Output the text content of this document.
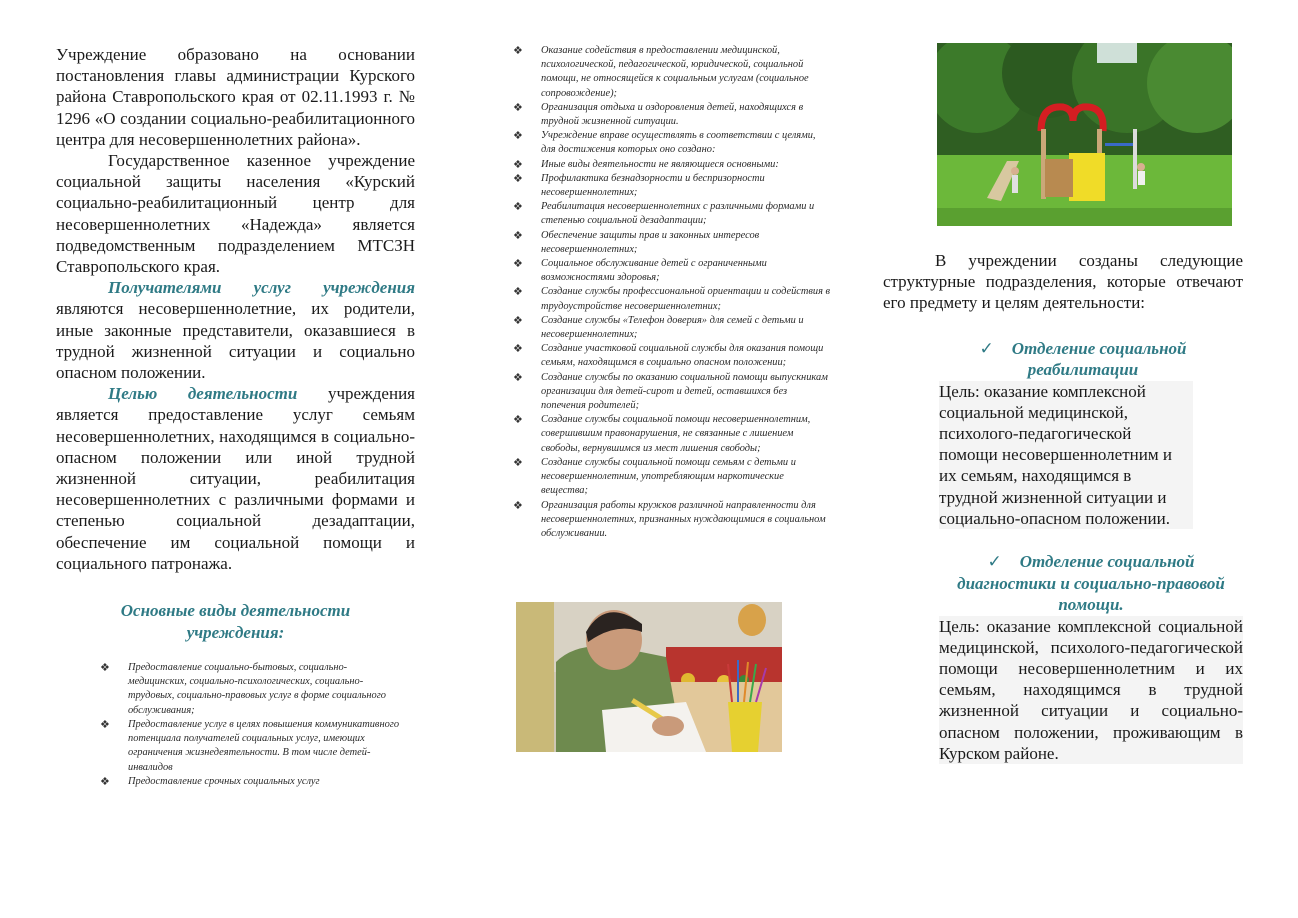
Учреждение образовано на основании постановления главы администрации Курского района Ставропольского края от 02.11.1993 г. № 1296 «О создании социально-реабилитационного центра для несовершеннолетних района».

Государственное казенное учреждение социальной защиты населения «Курский социально-реабилитационный центр для несовершеннолетних «Надежда» является подведомственным подразделением МТСЗН Ставропольского края.

Получателями услуг учреждения являются несовершеннолетние, их родители, иные законные представители, оказавшиеся в трудной жизненной ситуации и социально опасном положении.

Целью деятельности учреждения является предоставление услуг семьям несовершеннолетних, находящимся в социально-опасном положении или иной трудной жизненной ситуации, реабилитация несовершеннолетних с различными формами и степенью социальной дезадаптации, обеспечение им социальной помощи и социального патронажа.

Основные виды деятельности учреждения:
❖ Предоставление социально-бытовых, социально-медицинских, социально-психологических, социально-трудовых, социально-правовых услуг в форме социального обслуживания;
❖ Предоставление услуг в целях повышения коммуникативного потенциала получателей социальных услуг, имеющих ограничения жизнедеятельности. В том числе детей-инвалидов
❖ Предоставление срочных социальных услуг
❖ Оказание содействия в предоставлении медицинской, психологической, педагогической, юридической, социальной помощи, не относящейся к социальным услугам (социальное сопровождение);
❖ Организация отдыха и оздоровления детей, находящихся в трудной жизненной ситуации.
❖ Учреждение вправе осуществлять в соответствии с целями, для достижения которых оно создано:
❖ Иные виды деятельности не являющиеся основными:
❖ Профилактика безнадзорности и беспризорности несовершеннолетних;
❖ Реабилитация несовершеннолетних с различными формами и степенью социальной дезадаптации;
❖ Обеспечение защиты прав и законных интересов несовершеннолетних;
❖ Социальное обслуживание детей с ограниченными возможностями здоровья;
❖ Создание службы профессиональной ориентации и содействия в трудоустройстве несовершеннолетних;
❖ Создание службы «Телефон доверия» для семей с детьми и несовершеннолетних;
❖ Создание участковой социальной службы для оказания помощи семьям, находящимся в социально опасном положении;
❖ Создание службы по оказанию социальной помощи выпускникам организации для детей-сирот и детей, оставшихся без попечения родителей;
❖ Создание службы социальной помощи несовершеннолетним, совершившим правонарушения, не связанные с лишением свободы, вернувшимся из мест лишения свободы;
❖ Создание службы социальной помощи семьям с детьми и несовершеннолетним, употребляющим наркотические вещества;
❖ Организация работы кружков различной направленности для несовершеннолетних, признанных нуждающимися в социальном обслуживании.

В учреждении созданы следующие структурные подразделения, которые отвечают его предмету и целям деятельности:

✓ Отделение социальной реабилитации

Цель: оказание комплексной социальной медицинской, психолого-педагогической помощи несовершеннолетним и их семьям, находящимся в трудной жизненной ситуации и социально-опасном положении.

✓ Отделение социальной диагностики и социально-правовой помощи.

Цель: оказание комплексной социальной медицинской, психолого-педагогической помощи несовершеннолетним и их семьям, находящимся в трудной жизненной ситуации и социально-опасном положении, проживающим в Курском районе.
